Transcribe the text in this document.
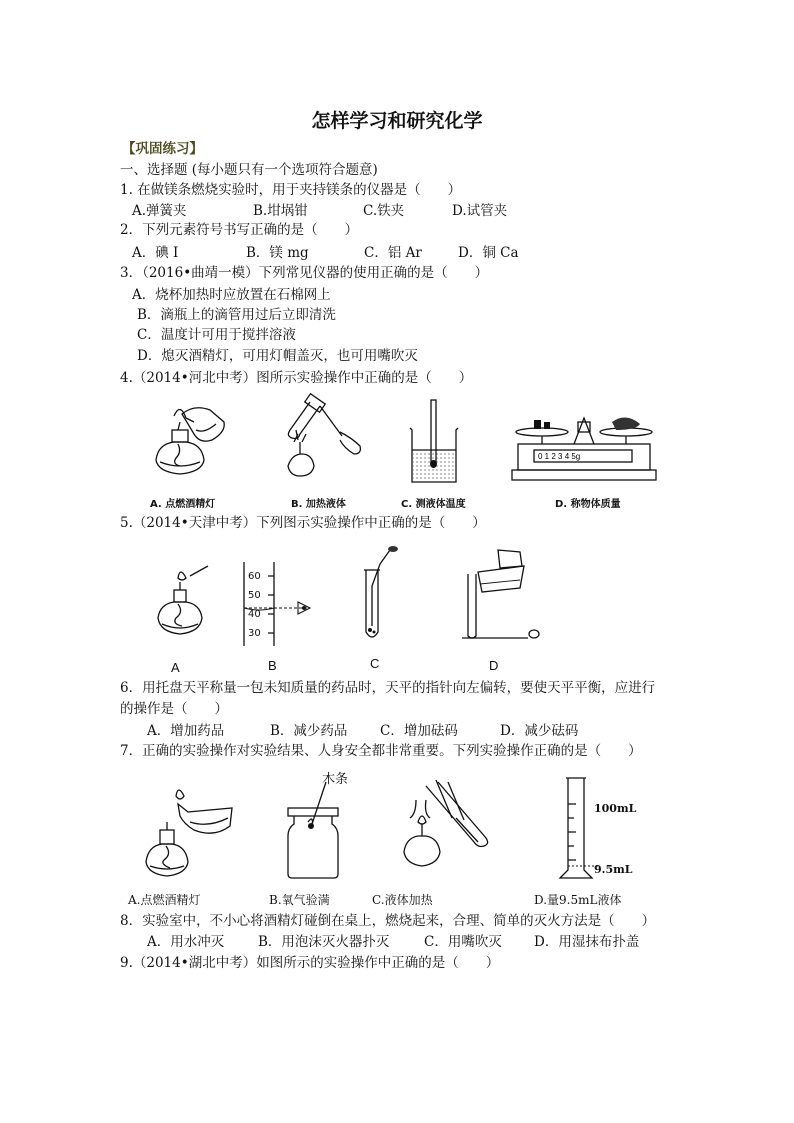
怎样学习和研究化学
【巩固练习】
一、选择题 (每小题只有一个选项符合题意)
1. 在做镁条燃烧实验时，用于夹持镁条的仪器是（　　）
A.弹簧夹	B.坩埚钳	C.铁夹	D.试管夹
2．下列元素符号书写正确的是（　　）
A．碘 I	B．镁 mg	C．铝 Ar	D．铜 Ca
3．（2016•曲靖一模）下列常见仪器的使用正确的是（　　）
A．烧杯加热时应放置在石棉网上
B．滴瓶上的滴管用过后立即清洗
C．温度计可用于搅拌溶液
D．熄灭酒精灯，可用灯帽盖灭，也可用嘴吹灭
4.（2014•河北中考）图所示实验操作中正确的是（　　）
0 1 2 3 4 5g
A. 点燃酒精灯	B. 加热液体	C. 测液体温度	D. 称物体质量
5.（2014•天津中考）下列图示实验操作中正确的是（　　）
60
50
40
30
A	B	C	D
6．用托盘天平称量一包未知质量的药品时，天平的指针向左偏转，要使天平平衡，应进行
的操作是（　　）
A．增加药品	B．减少药品 C．增加砝码	D．减少砝码
7．正确的实验操作对实验结果、人身安全都非常重要。下列实验操作正确的是（　　）
木条
100mL
9.5mL
A.点燃酒精灯	B.氧气验满	C.液体加热	D.量9.5mL液体
8．实验室中，不小心将酒精灯碰倒在桌上，燃烧起来，合理、简单的灭火方法是（　　）
A．用水冲灭	B．用泡沫灭火器扑灭	C．用嘴吹灭 D．用湿抹布扑盖
9.（2014•湖北中考）如图所示的实验操作中正确的是（　　）
